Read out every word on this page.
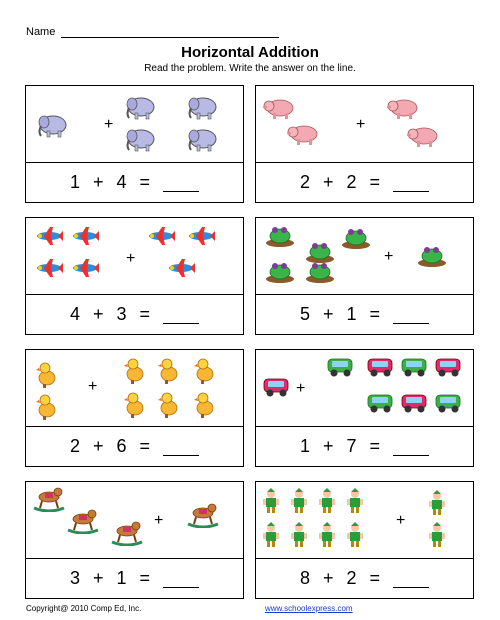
Name
Horizontal Addition
Read the problem. Write the answer on the line.
+
1 + 4 =
+
2 + 2 =
+
4 + 3 =
+
5 + 1 =
+
2 + 6 =
+
1 + 7 =
+
3 + 1 =
+
8 + 2 =
Copyright@ 2010 Comp Ed, Inc.	www.schoolexpress.com
